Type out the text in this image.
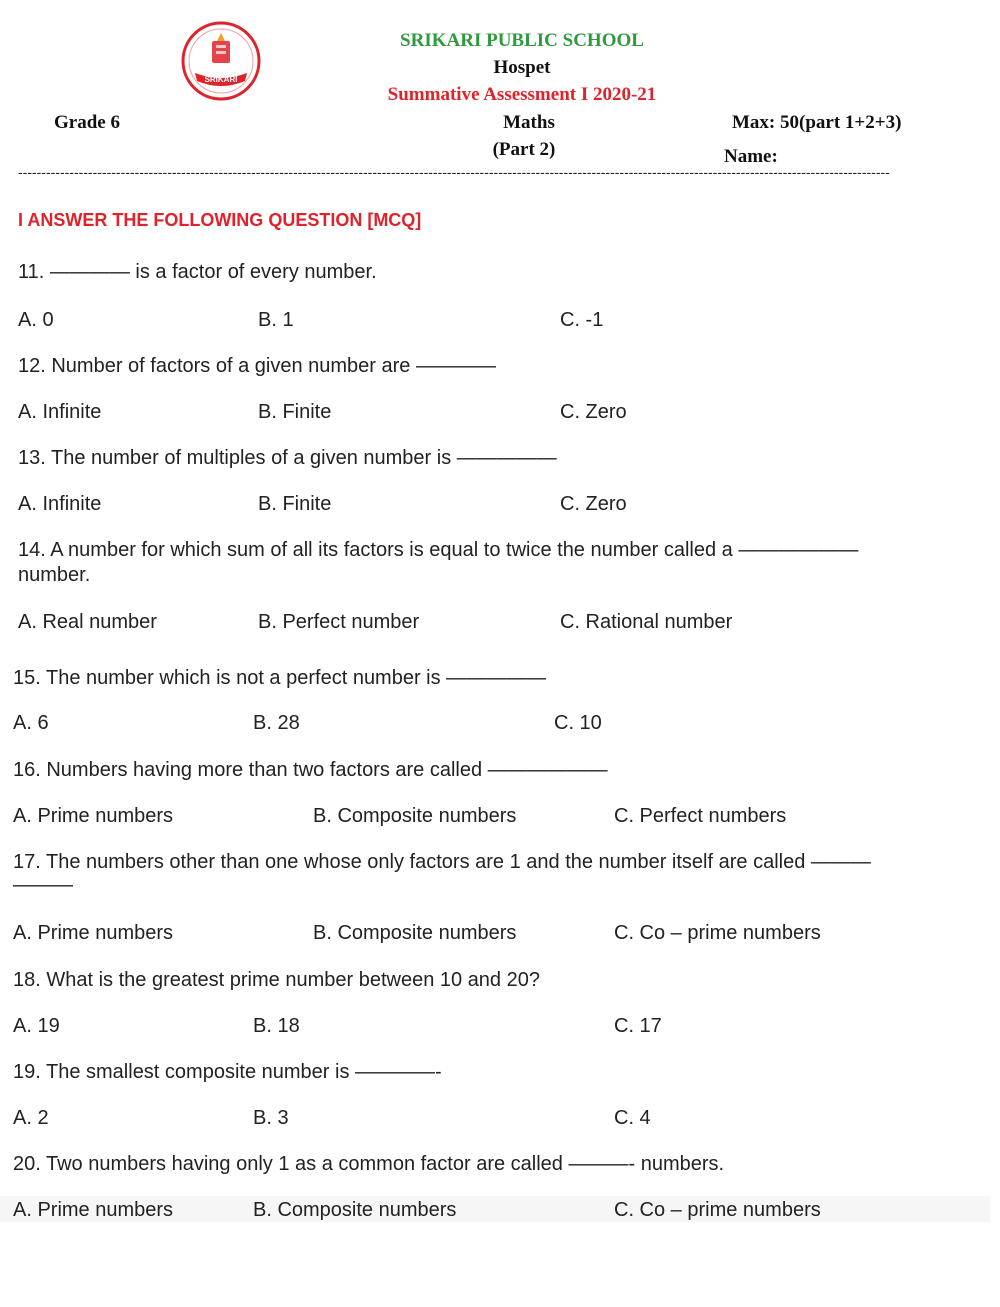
SRIKARI
SRIKARI PUBLIC SCHOOL
Hospet
Summative Assessment I 2020-21
Grade 6	Maths
(Part 2)
Max: 50(part 1+2+3)
Name:
-------------------------------------------------------------------------------------------------------------------------------------------------------------------------------------------
I ANSWER THE FOLLOWING QUESTION [MCQ]
11. ———— is a factor of every number.
A. 0	B. 1	C. -1
12. Number of factors of a given number are ————
A. Infinite	B. Finite	C. Zero
13. The number of multiples of a given number is —————
A. Infinite	B. Finite	C. Zero
14. A number for which sum of all its factors is equal to twice the number called a ——————
number.
A. Real number	B. Perfect number	C. Rational number
15. The number which is not a perfect number is —————
A. 6	B. 28	C. 10
16. Numbers having more than two factors are called ——————
A. Prime numbers	B. Composite numbers	C. Perfect numbers
17. The numbers other than one whose only factors are 1 and the number itself are called ———
———
A. Prime numbers	B. Composite numbers	C. Co – prime numbers
18. What is the greatest prime number between 10 and 20?
A. 19	B. 18	C. 17
19. The smallest composite number is ————-
A. 2	B. 3	C. 4
20. Two numbers having only 1 as a common factor are called ———- numbers.
A. Prime numbers	B. Composite numbers	C. Co – prime numbers
